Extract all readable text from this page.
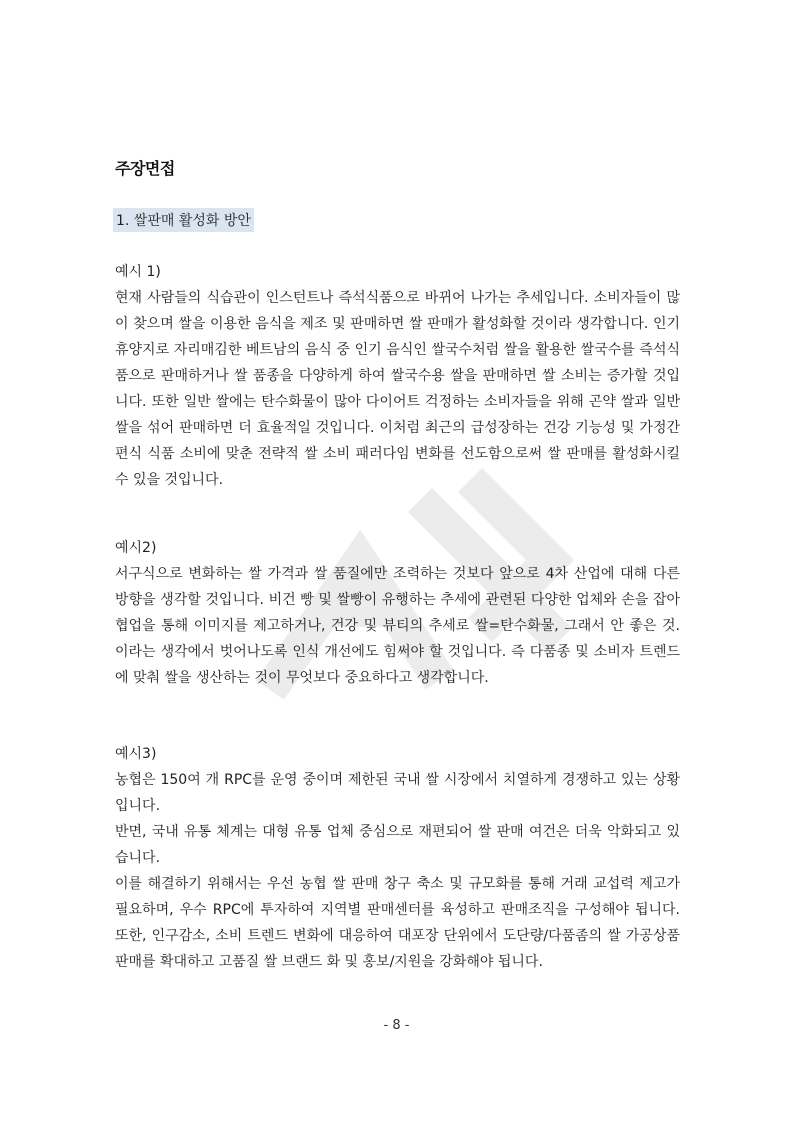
주장면접
1. 쌀판매 활성화 방안
예시 1)

현재 사람들의 식습관이 인스턴트나 즉석식품으로 바뀌어 나가는 추세입니다. 소비자들이 많이 찾으며 쌀을 이용한 음식을 제조 및 판매하면 쌀 판매가 활성화할 것이라 생각합니다. 인기 휴양지로 자리매김한 베트남의 음식 중 인기 음식인 쌀국수처럼 쌀을 활용한 쌀국수를 즉석식품으로 판매하거나 쌀 품종을 다양하게 하여 쌀국수용 쌀을 판매하면 쌀 소비는 증가할 것입니다. 또한 일반 쌀에는 탄수화물이 많아 다이어트 걱정하는 소비자들을 위해 곤약 쌀과 일반 쌀을 섞어 판매하면 더 효율적일 것입니다. 이처럼 최근의 급성장하는 건강 기능성 및 가정간편식 식품 소비에 맞춘 전략적 쌀 소비 패러다임 변화를 선도함으로써 쌀 판매를 활성화시킬 수 있을 것입니다.

예시2)

서구식으로 변화하는 쌀 가격과 쌀 품질에만 조력하는 것보다 앞으로 4차 산업에 대해 다른 방향을 생각할 것입니다. 비건 빵 및 쌀빵이 유행하는 추세에 관련된 다양한 업체와 손을 잡아 협업을 통해 이미지를 제고하거나, 건강 및 뷰티의 추세로 쌀=탄수화물, 그래서 안 좋은 것.이라는 생각에서 벗어나도록 인식 개선에도 힘써야 할 것입니다. 즉 다품종 및 소비자 트렌드에 맞춰 쌀을 생산하는 것이 무엇보다 중요하다고 생각합니다.

예시3)

농협은 150여 개 RPC를 운영 중이며 제한된 국내 쌀 시장에서 치열하게 경쟁하고 있는 상황입니다.

반면, 국내 유통 체계는 대형 유통 업체 중심으로 재편되어 쌀 판매 여건은 더욱 악화되고 있습니다.

이를 해결하기 위해서는 우선 농협 쌀 판매 창구 축소 및 규모화를 통해 거래 교섭력 제고가 필요하며, 우수 RPC에 투자하여 지역별 판매센터를 육성하고 판매조직을 구성해야 됩니다. 또한, 인구감소, 소비 트렌드 변화에 대응하여 대포장 단위에서 도단량/다품좀의 쌀 가공상품 판매를 확대하고 고품질 쌀 브랜드 화 및 홍보/지원을 강화해야 됩니다.

- 8 -
